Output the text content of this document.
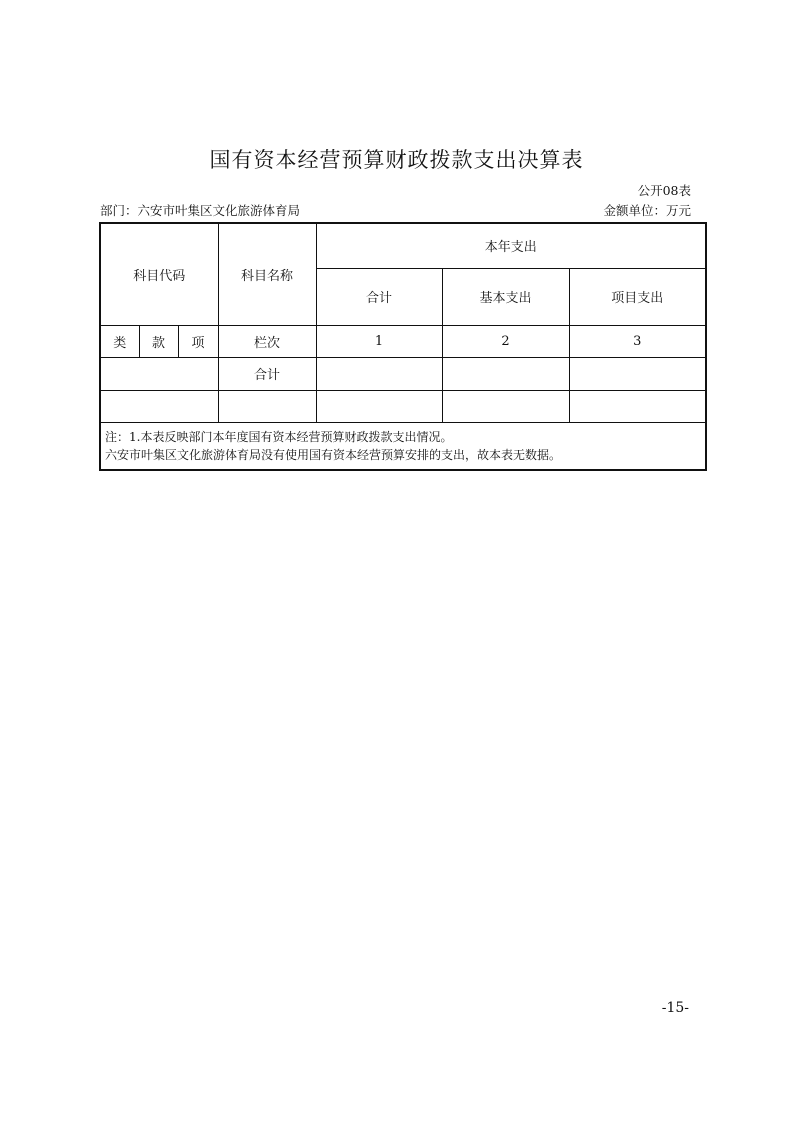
国有资本经营预算财政拨款支出决算表
公开08表
部门：六安市叶集区文化旅游体育局	金额单位：万元
科目代码			科目名称	本年支出		
				合计	基本支出	项目支出
类	款	项	栏次	1	2	3
			合计			

注：1.本表反映部门本年度国有资本经营预算财政拨款支出情况。
六安市叶集区文化旅游体育局没有使用国有资本经营预算安排的支出，故本表无数据。						
-15-
